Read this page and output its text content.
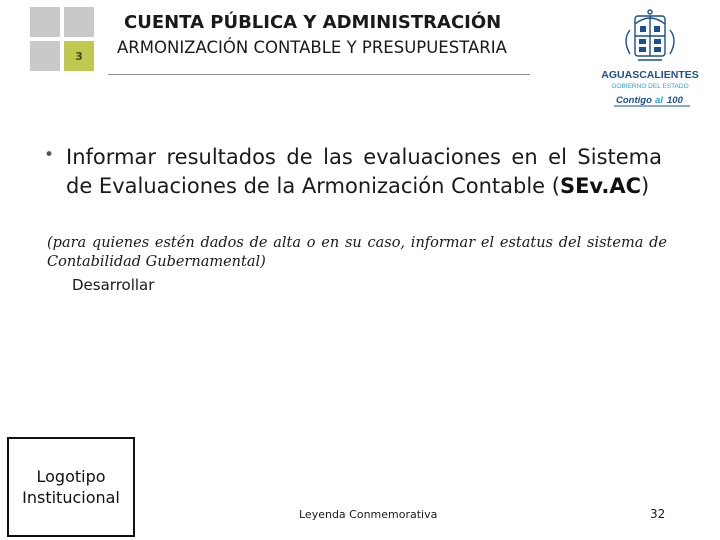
3
CUENTA PÚBLICA Y ADMINISTRACIÓN
ARMONIZACIÓN CONTABLE Y PRESUPUESTARIA
AGUASCALIENTES
GOBIERNO DEL ESTADO
Contigo al 100
• Informar resultados de las evaluaciones en el Sistema de Evaluaciones de la Armonización Contable (SEv.AC)
(para quienes estén dados de alta o en su caso, informar el estatus del sistema de Contabilidad Gubernamental)
Desarrollar
Logotipo
Institucional
Leyenda Conmemorativa	32
